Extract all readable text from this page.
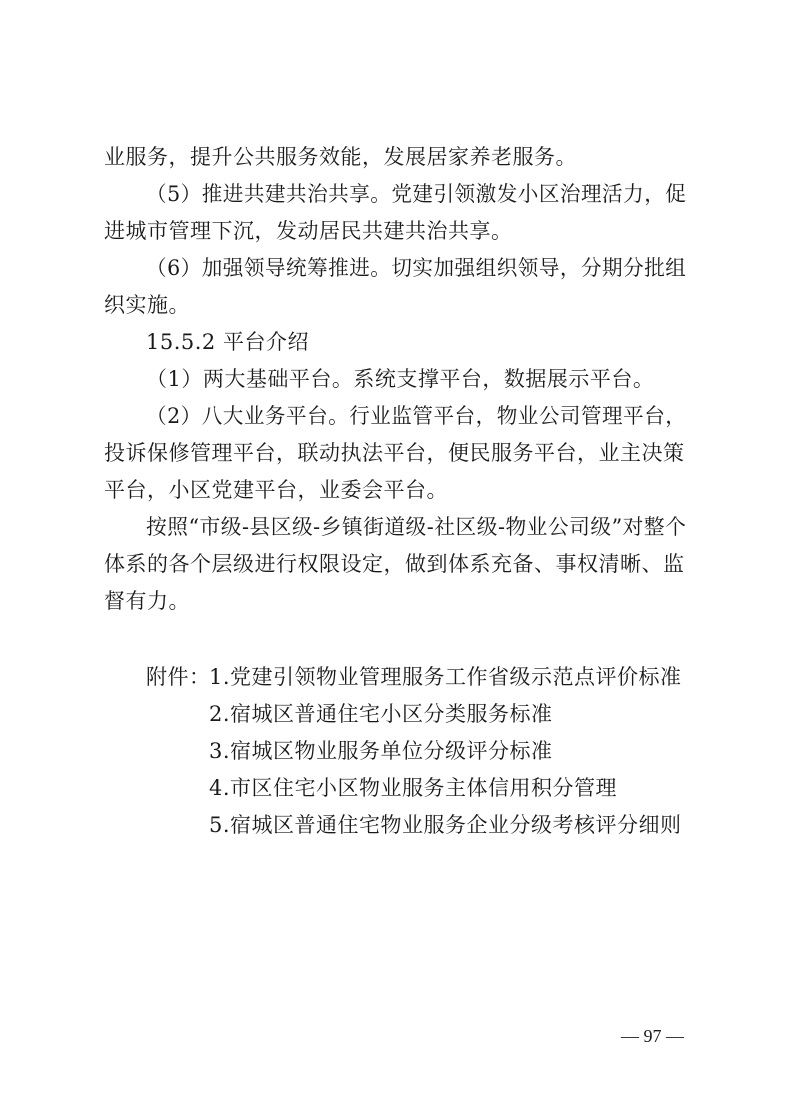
业服务，提升公共服务效能，发展居家养老服务。
（5）推进共建共治共享。党建引领激发小区治理活力，促
进城市管理下沉，发动居民共建共治共享。
（6）加强领导统筹推进。切实加强组织领导，分期分批组
织实施。
15.5.2 平台介绍
（1）两大基础平台。系统支撑平台，数据展示平台。
（2）八大业务平台。行业监管平台，物业公司管理平台，
投诉保修管理平台，联动执法平台，便民服务平台，业主决策
平台，小区党建平台，业委会平台。
按照“市级-县区级-乡镇街道级-社区级-物业公司级”对整个
体系的各个层级进行权限设定，做到体系充备、事权清晰、监
督有力。
附件：
1.党建引领物业管理服务工作省级示范点评价标准
2.宿城区普通住宅小区分类服务标准
3.宿城区物业服务单位分级评分标准
4.市区住宅小区物业服务主体信用积分管理
5.宿城区普通住宅物业服务企业分级考核评分细则
— 97 —
